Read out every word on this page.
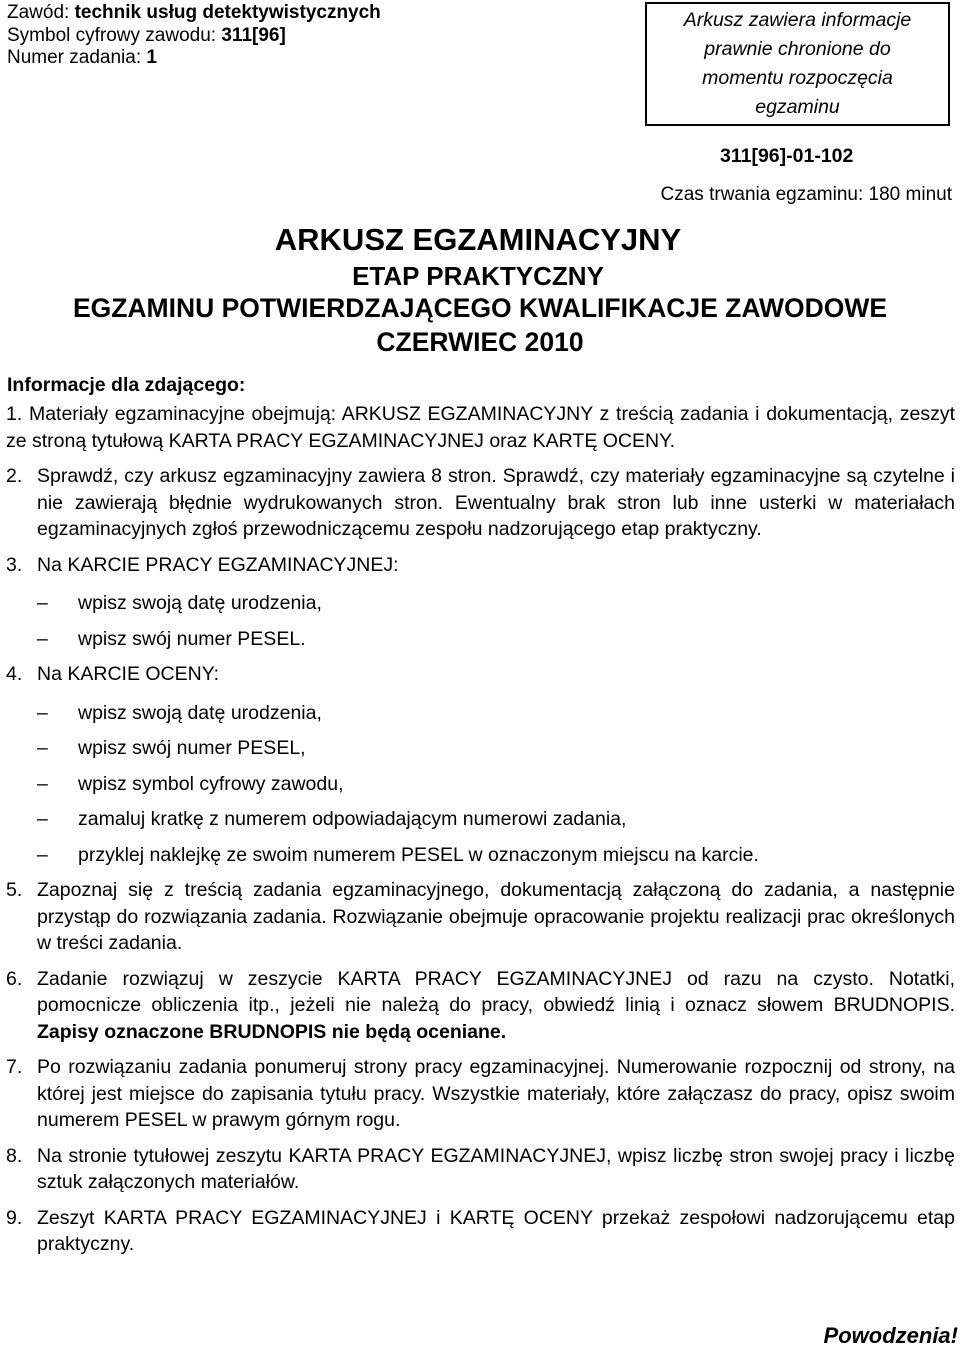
Zawód: technik usług detektywistycznych
Symbol cyfrowy zawodu: 311[96]
Numer zadania: 1
Arkusz zawiera informacje prawnie chronione do momentu rozpoczęcia egzaminu
311[96]-01-102
Czas trwania egzaminu: 180 minut
ARKUSZ EGZAMINACYJNY
ETAP PRAKTYCZNY
EGZAMINU POTWIERDZAJĄCEGO KWALIFIKACJE ZAWODOWE
CZERWIEC 2010
Informacje dla zdającego:
1. Materiały egzaminacyjne obejmują: ARKUSZ EGZAMINACYJNY z treścią zadania i dokumentacją, zeszyt ze stroną tytułową KARTA PRACY EGZAMINACYJNEJ oraz KARTĘ OCENY.
2. Sprawdź, czy arkusz egzaminacyjny zawiera 8 stron. Sprawdź, czy materiały egzaminacyjne są czytelne i nie zawierają błędnie wydrukowanych stron. Ewentualny brak stron lub inne usterki w materiałach egzaminacyjnych zgłoś przewodniczącemu zespołu nadzorującego etap praktyczny.
3. Na KARCIE PRACY EGZAMINACYJNEJ:
– wpisz swoją datę urodzenia,
– wpisz swój numer PESEL.
4. Na KARCIE OCENY:
– wpisz swoją datę urodzenia,
– wpisz swój numer PESEL,
– wpisz symbol cyfrowy zawodu,
– zamaluj kratkę z numerem odpowiadającym numerowi zadania,
– przyklej naklejkę ze swoim numerem PESEL w oznaczonym miejscu na karcie.
5. Zapoznaj się z treścią zadania egzaminacyjnego, dokumentacją załączoną do zadania, a następnie przystąp do rozwiązania zadania. Rozwiązanie obejmuje opracowanie projektu realizacji prac określonych w treści zadania.
6. Zadanie rozwiązuj w zeszycie KARTA PRACY EGZAMINACYJNEJ od razu na czysto. Notatki, pomocnicze obliczenia itp., jeżeli nie należą do pracy, obwiedź linią i oznacz słowem BRUDNOPIS. Zapisy oznaczone BRUDNOPIS nie będą oceniane.
7. Po rozwiązaniu zadania ponumeruj strony pracy egzaminacyjnej. Numerowanie rozpocznij od strony, na której jest miejsce do zapisania tytułu pracy. Wszystkie materiały, które załączasz do pracy, opisz swoim numerem PESEL w prawym górnym rogu.
8. Na stronie tytułowej zeszytu KARTA PRACY EGZAMINACYJNEJ, wpisz liczbę stron swojej pracy i liczbę sztuk załączonych materiałów.
9. Zeszyt KARTA PRACY EGZAMINACYJNEJ i KARTĘ OCENY przekaż zespołowi nadzorującemu etap praktyczny.
Powodzenia!
